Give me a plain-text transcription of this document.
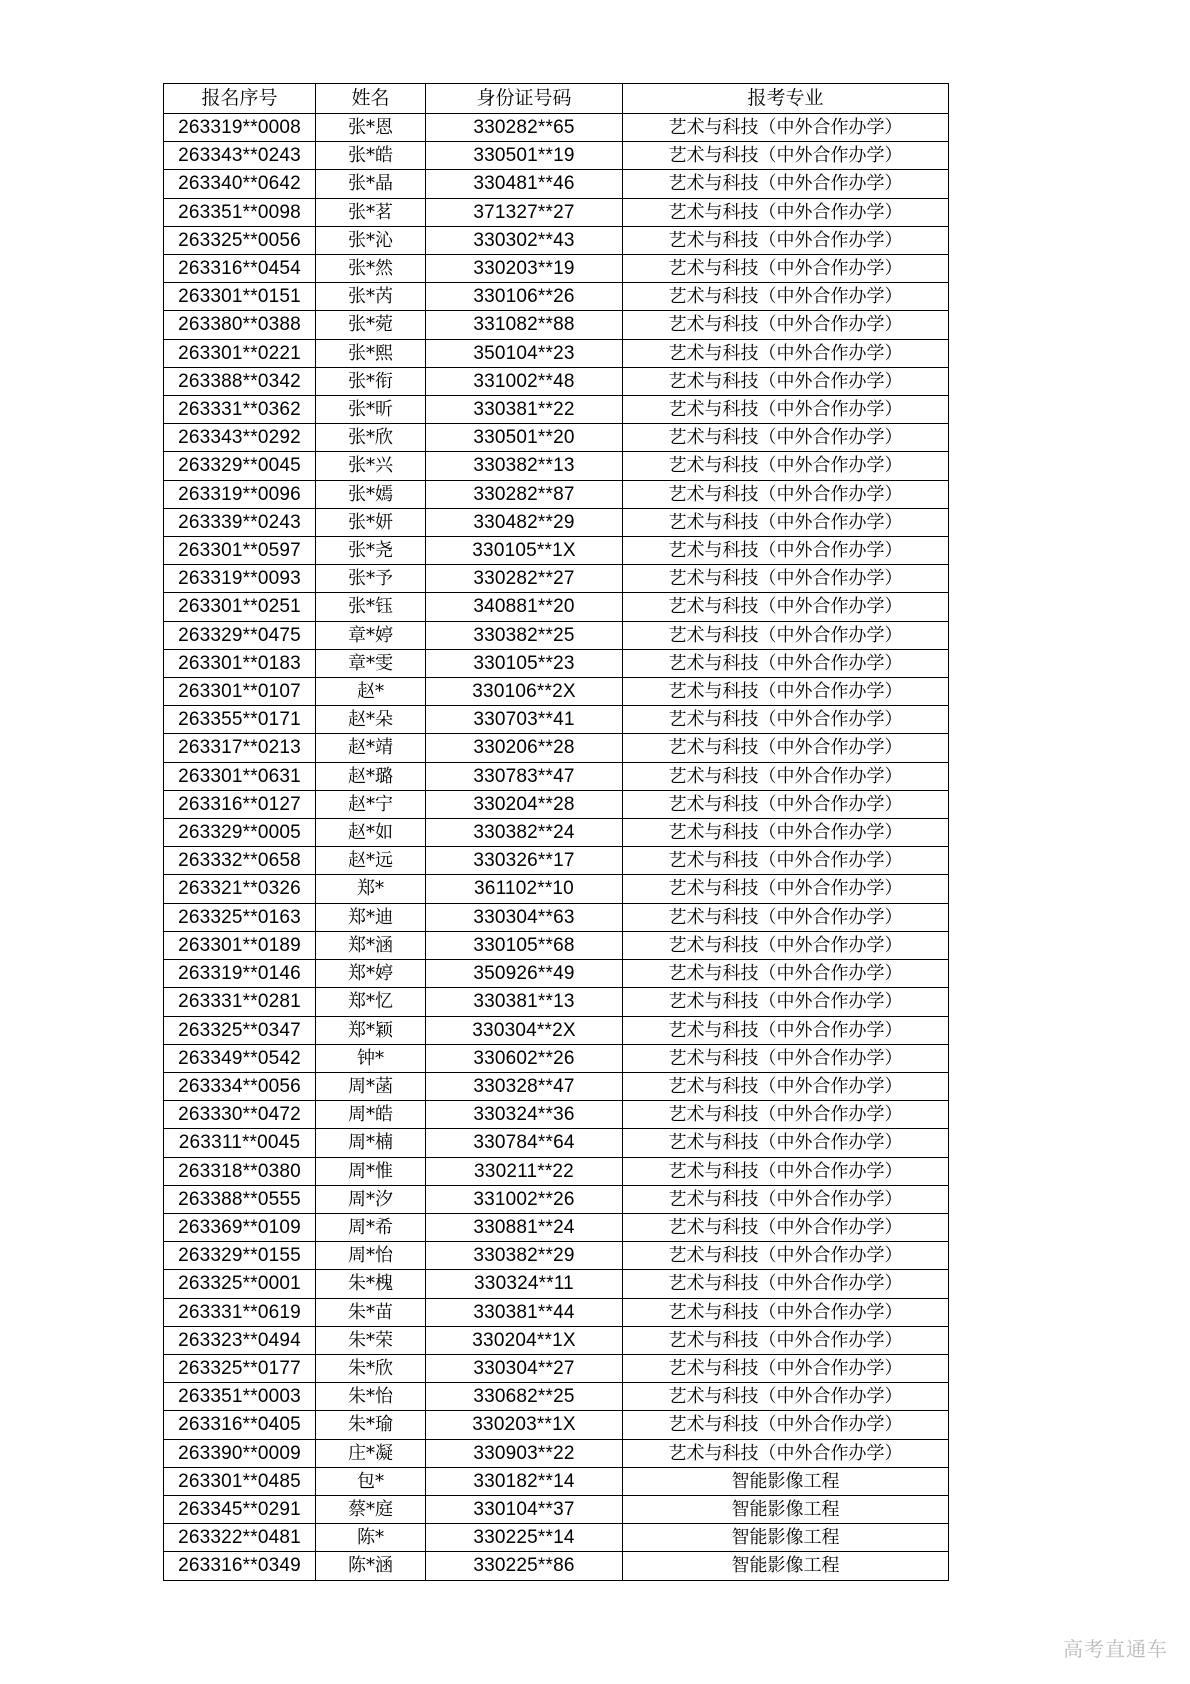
报名序号	姓名	身份证号码	报考专业
263319**0008	张*恩	330282**65	艺术与科技（中外合作办学）
263343**0243	张*皓	330501**19	艺术与科技（中外合作办学）
263340**0642	张*晶	330481**46	艺术与科技（中外合作办学）
263351**0098	张*茗	371327**27	艺术与科技（中外合作办学）
263325**0056	张*沁	330302**43	艺术与科技（中外合作办学）
263316**0454	张*然	330203**19	艺术与科技（中外合作办学）
263301**0151	张*芮	330106**26	艺术与科技（中外合作办学）
263380**0388	张*菀	331082**88	艺术与科技（中外合作办学）
263301**0221	张*熙	350104**23	艺术与科技（中外合作办学）
263388**0342	张*衔	331002**48	艺术与科技（中外合作办学）
263331**0362	张*昕	330381**22	艺术与科技（中外合作办学）
263343**0292	张*欣	330501**20	艺术与科技（中外合作办学）
263329**0045	张*兴	330382**13	艺术与科技（中外合作办学）
263319**0096	张*嫣	330282**87	艺术与科技（中外合作办学）
263339**0243	张*妍	330482**29	艺术与科技（中外合作办学）
263301**0597	张*尧	330105**1X	艺术与科技（中外合作办学）
263319**0093	张*予	330282**27	艺术与科技（中外合作办学）
263301**0251	张*钰	340881**20	艺术与科技（中外合作办学）
263329**0475	章*婷	330382**25	艺术与科技（中外合作办学）
263301**0183	章*雯	330105**23	艺术与科技（中外合作办学）
263301**0107	赵*	330106**2X	艺术与科技（中外合作办学）
263355**0171	赵*朵	330703**41	艺术与科技（中外合作办学）
263317**0213	赵*靖	330206**28	艺术与科技（中外合作办学）
263301**0631	赵*璐	330783**47	艺术与科技（中外合作办学）
263316**0127	赵*宁	330204**28	艺术与科技（中外合作办学）
263329**0005	赵*如	330382**24	艺术与科技（中外合作办学）
263332**0658	赵*远	330326**17	艺术与科技（中外合作办学）
263321**0326	郑*	361102**10	艺术与科技（中外合作办学）
263325**0163	郑*迪	330304**63	艺术与科技（中外合作办学）
263301**0189	郑*涵	330105**68	艺术与科技（中外合作办学）
263319**0146	郑*婷	350926**49	艺术与科技（中外合作办学）
263331**0281	郑*忆	330381**13	艺术与科技（中外合作办学）
263325**0347	郑*颖	330304**2X	艺术与科技（中外合作办学）
263349**0542	钟*	330602**26	艺术与科技（中外合作办学）
263334**0056	周*菡	330328**47	艺术与科技（中外合作办学）
263330**0472	周*皓	330324**36	艺术与科技（中外合作办学）
263311**0045	周*楠	330784**64	艺术与科技（中外合作办学）
263318**0380	周*惟	330211**22	艺术与科技（中外合作办学）
263388**0555	周*汐	331002**26	艺术与科技（中外合作办学）
263369**0109	周*希	330881**24	艺术与科技（中外合作办学）
263329**0155	周*怡	330382**29	艺术与科技（中外合作办学）
263325**0001	朱*槐	330324**11	艺术与科技（中外合作办学）
263331**0619	朱*苗	330381**44	艺术与科技（中外合作办学）
263323**0494	朱*荣	330204**1X	艺术与科技（中外合作办学）
263325**0177	朱*欣	330304**27	艺术与科技（中外合作办学）
263351**0003	朱*怡	330682**25	艺术与科技（中外合作办学）
263316**0405	朱*瑜	330203**1X	艺术与科技（中外合作办学）
263390**0009	庄*凝	330903**22	艺术与科技（中外合作办学）
263301**0485	包*	330182**14	智能影像工程
263345**0291	蔡*庭	330104**37	智能影像工程
263322**0481	陈*	330225**14	智能影像工程
263316**0349	陈*涵	330225**86	智能影像工程
高考直通车
